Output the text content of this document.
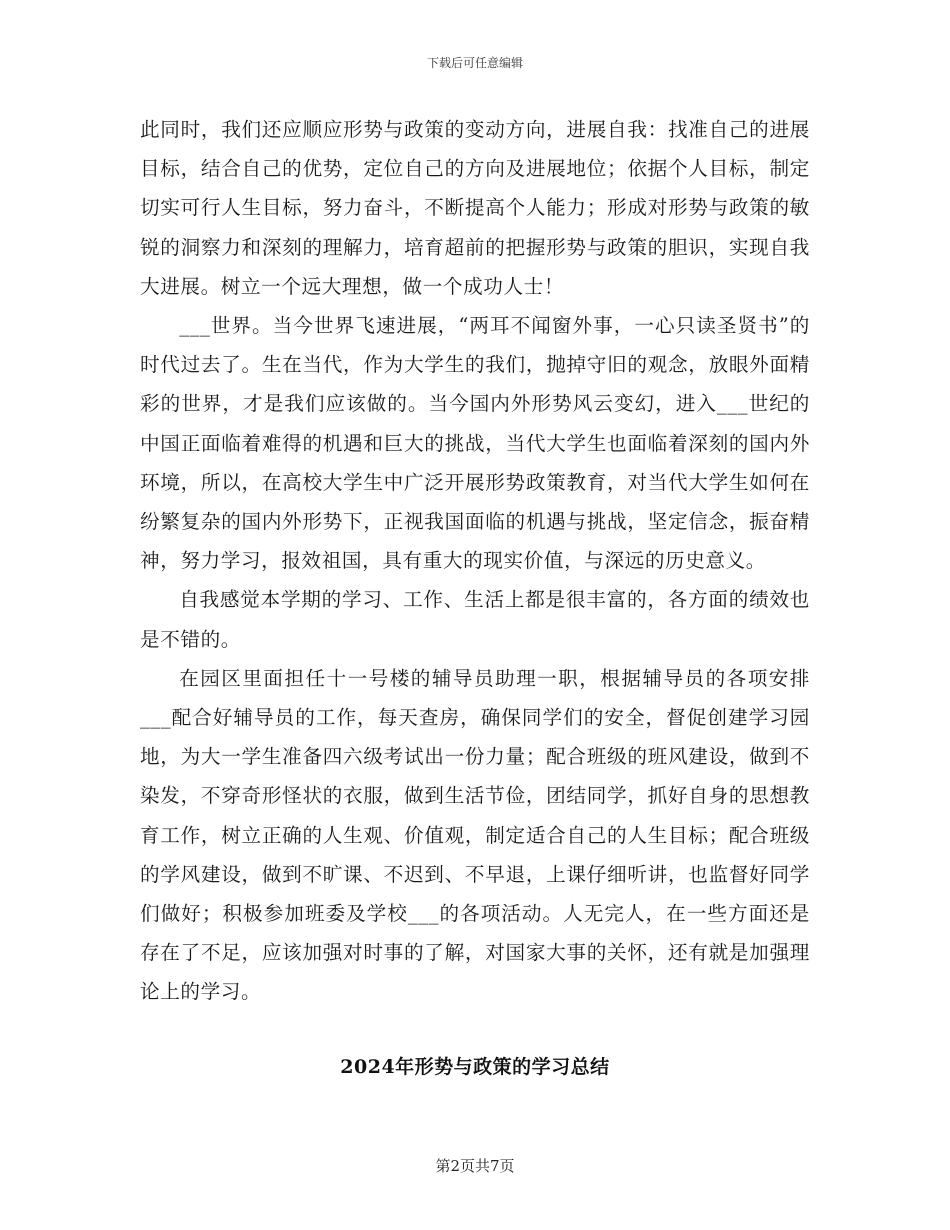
下载后可任意编辑

此同时，我们还应顺应形势与政策的变动方向，进展自我：找准自己的进展目标，结合自己的优势，定位自己的方向及进展地位；依据个人目标，制定切实可行人生目标，努力奋斗，不断提高个人能力；形成对形势与政策的敏锐的洞察力和深刻的理解力，培育超前的把握形势与政策的胆识，实现自我大进展。树立一个远大理想，做一个成功人士！

___世界。当今世界飞速进展，“两耳不闻窗外事，一心只读圣贤书”的时代过去了。生在当代，作为大学生的我们，抛掉守旧的观念，放眼外面精彩的世界，才是我们应该做的。当今国内外形势风云变幻，进入___世纪的中国正面临着难得的机遇和巨大的挑战，当代大学生也面临着深刻的国内外环境，所以，在高校大学生中广泛开展形势政策教育，对当代大学生如何在纷繁复杂的国内外形势下，正视我国面临的机遇与挑战，坚定信念，振奋精神，努力学习，报效祖国，具有重大的现实价值，与深远的历史意义。

自我感觉本学期的学习、工作、生活上都是很丰富的，各方面的绩效也是不错的。

在园区里面担任十一号楼的辅导员助理一职，根据辅导员的各项安排___配合好辅导员的工作，每天查房，确保同学们的安全，督促创建学习园地，为大一学生准备四六级考试出一份力量；配合班级的班风建设，做到不染发，不穿奇形怪状的衣服，做到生活节俭，团结同学，抓好自身的思想教育工作，树立正确的人生观、价值观，制定适合自己的人生目标；配合班级的学风建设，做到不旷课、不迟到、不早退，上课仔细听讲，也监督好同学们做好；积极参加班委及学校___的各项活动。人无完人，在一些方面还是存在了不足，应该加强对时事的了解，对国家大事的关怀，还有就是加强理论上的学习。

2024年形势与政策的学习总结
第2页共7页
